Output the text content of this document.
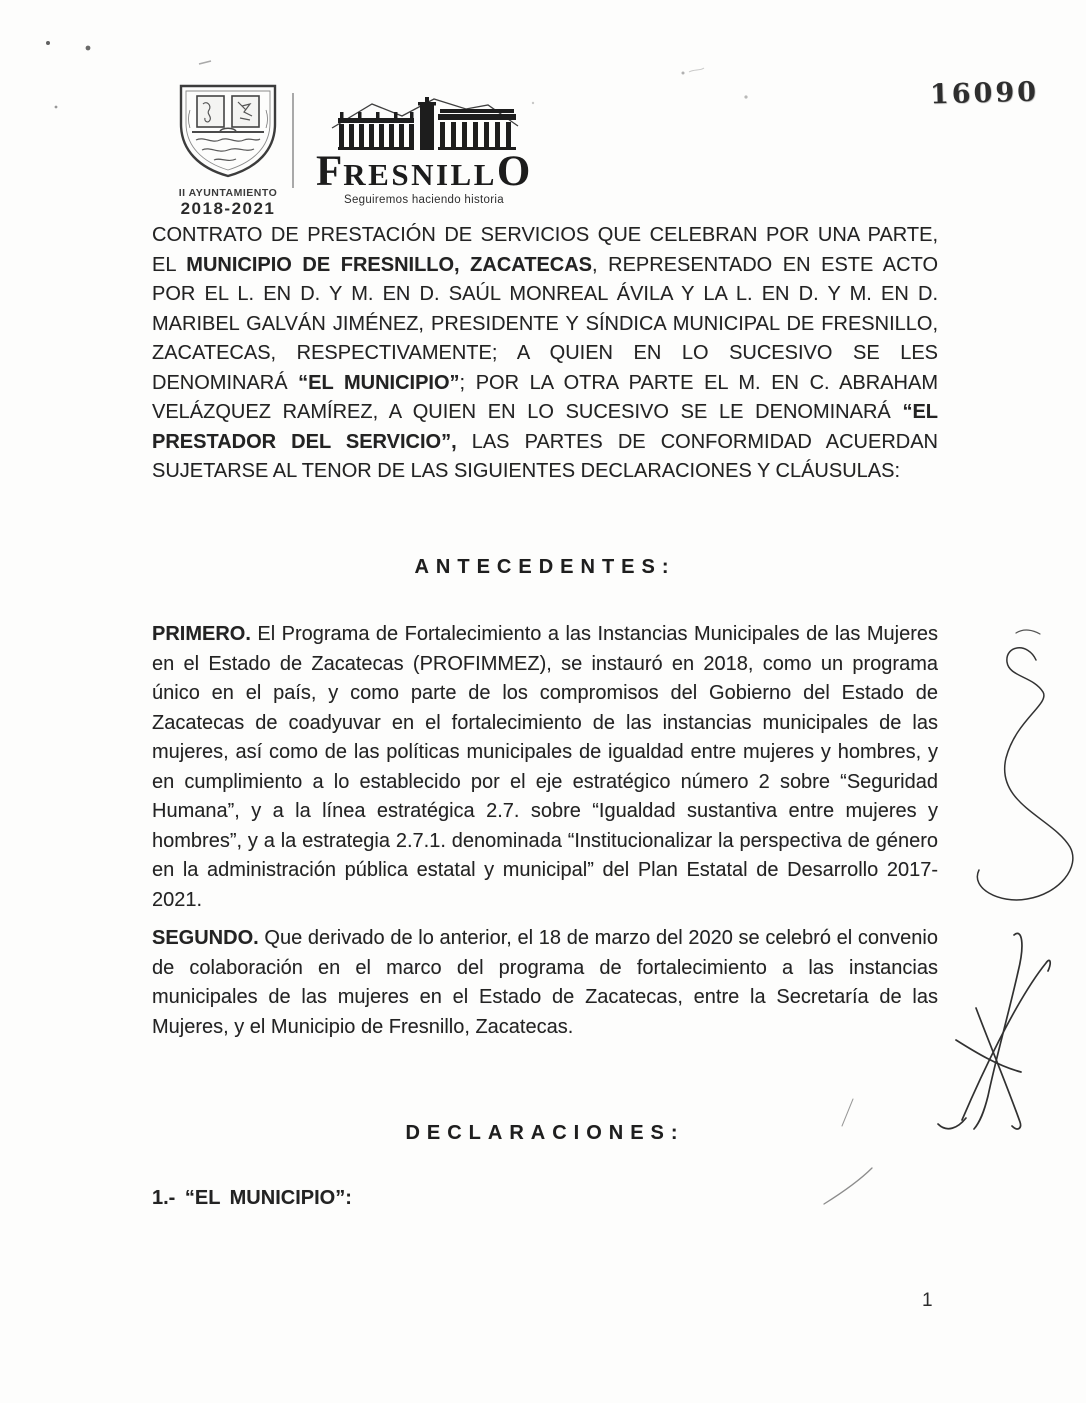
II AYUNTAMIENTO
2018-2021
FRESNILLO
Seguiremos haciendo historia
16090

CONTRATO DE PRESTACIÓN DE SERVICIOS QUE CELEBRAN POR UNA PARTE, EL MUNICIPIO DE FRESNILLO, ZACATECAS, REPRESENTADO EN ESTE ACTO POR EL L. EN D. Y M. EN D. SAÚL MONREAL ÁVILA Y LA L. EN D. Y M. EN D. MARIBEL GALVÁN JIMÉNEZ, PRESIDENTE Y SÍNDICA MUNICIPAL DE FRESNILLO, ZACATECAS, RESPECTIVAMENTE; A QUIEN EN LO SUCESIVO SE LES DENOMINARÁ “EL MUNICIPIO”; POR LA OTRA PARTE EL M. EN C. ABRAHAM VELÁZQUEZ RAMÍREZ, A QUIEN EN LO SUCESIVO SE LE DENOMINARÁ “EL PRESTADOR DEL SERVICIO”, LAS PARTES DE CONFORMIDAD ACUERDAN SUJETARSE AL TENOR DE LAS SIGUIENTES DECLARACIONES Y CLÁUSULAS:

ANTECEDENTES:

PRIMERO. El Programa de Fortalecimiento a las Instancias Municipales de las Mujeres en el Estado de Zacatecas (PROFIMMEZ), se instauró en 2018, como un programa único en el país, y como parte de los compromisos del Gobierno del Estado de Zacatecas de coadyuvar en el fortalecimiento de las instancias municipales de las mujeres, así como de las políticas municipales de igualdad entre mujeres y hombres, y en cumplimiento a lo establecido por el eje estratégico número 2 sobre “Seguridad Humana”, y a la línea estratégica 2.7. sobre “Igualdad sustantiva entre mujeres y hombres”, y a la estrategia 2.7.1. denominada “Institucionalizar la perspectiva de género en la administración pública estatal y municipal” del Plan Estatal de Desarrollo 2017-2021.

SEGUNDO. Que derivado de lo anterior, el 18 de marzo del 2020 se celebró el convenio de colaboración en el marco del programa de fortalecimiento a las instancias municipales de las mujeres en el Estado de Zacatecas, entre la Secretaría de las Mujeres, y el Municipio de Fresnillo, Zacatecas.

DECLARACIONES:

1.- “EL MUNICIPIO”:

1
